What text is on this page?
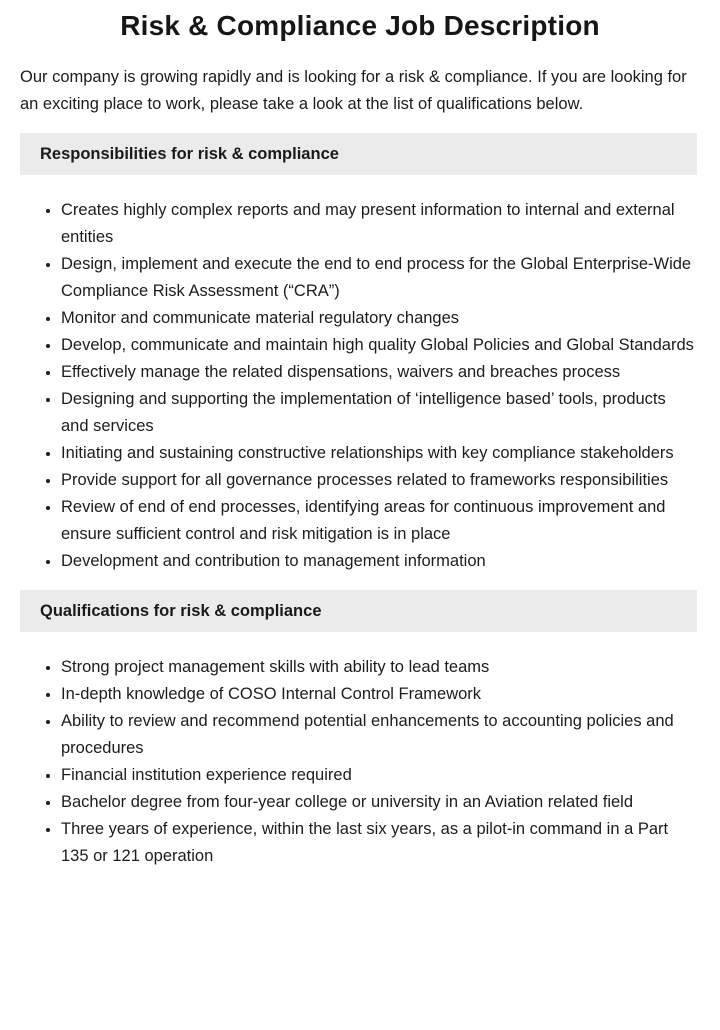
Risk & Compliance Job Description

Our company is growing rapidly and is looking for a risk & compliance. If you are looking for an exciting place to work, please take a look at the list of qualifications below.

Responsibilities for risk & compliance
• Creates highly complex reports and may present information to internal and external entities
• Design, implement and execute the end to end process for the Global Enterprise-Wide Compliance Risk Assessment (“CRA”)
• Monitor and communicate material regulatory changes
• Develop, communicate and maintain high quality Global Policies and Global Standards
• Effectively manage the related dispensations, waivers and breaches process
• Designing and supporting the implementation of ‘intelligence based’ tools, products and services
• Initiating and sustaining constructive relationships with key compliance stakeholders
• Provide support for all governance processes related to frameworks responsibilities
• Review of end of end processes, identifying areas for continuous improvement and ensure sufficient control and risk mitigation is in place
• Development and contribution to management information
Qualifications for risk & compliance
• Strong project management skills with ability to lead teams
• In-depth knowledge of COSO Internal Control Framework
• Ability to review and recommend potential enhancements to accounting policies and procedures
• Financial institution experience required
• Bachelor degree from four-year college or university in an Aviation related field
• Three years of experience, within the last six years, as a pilot-in command in a Part 135 or 121 operation
